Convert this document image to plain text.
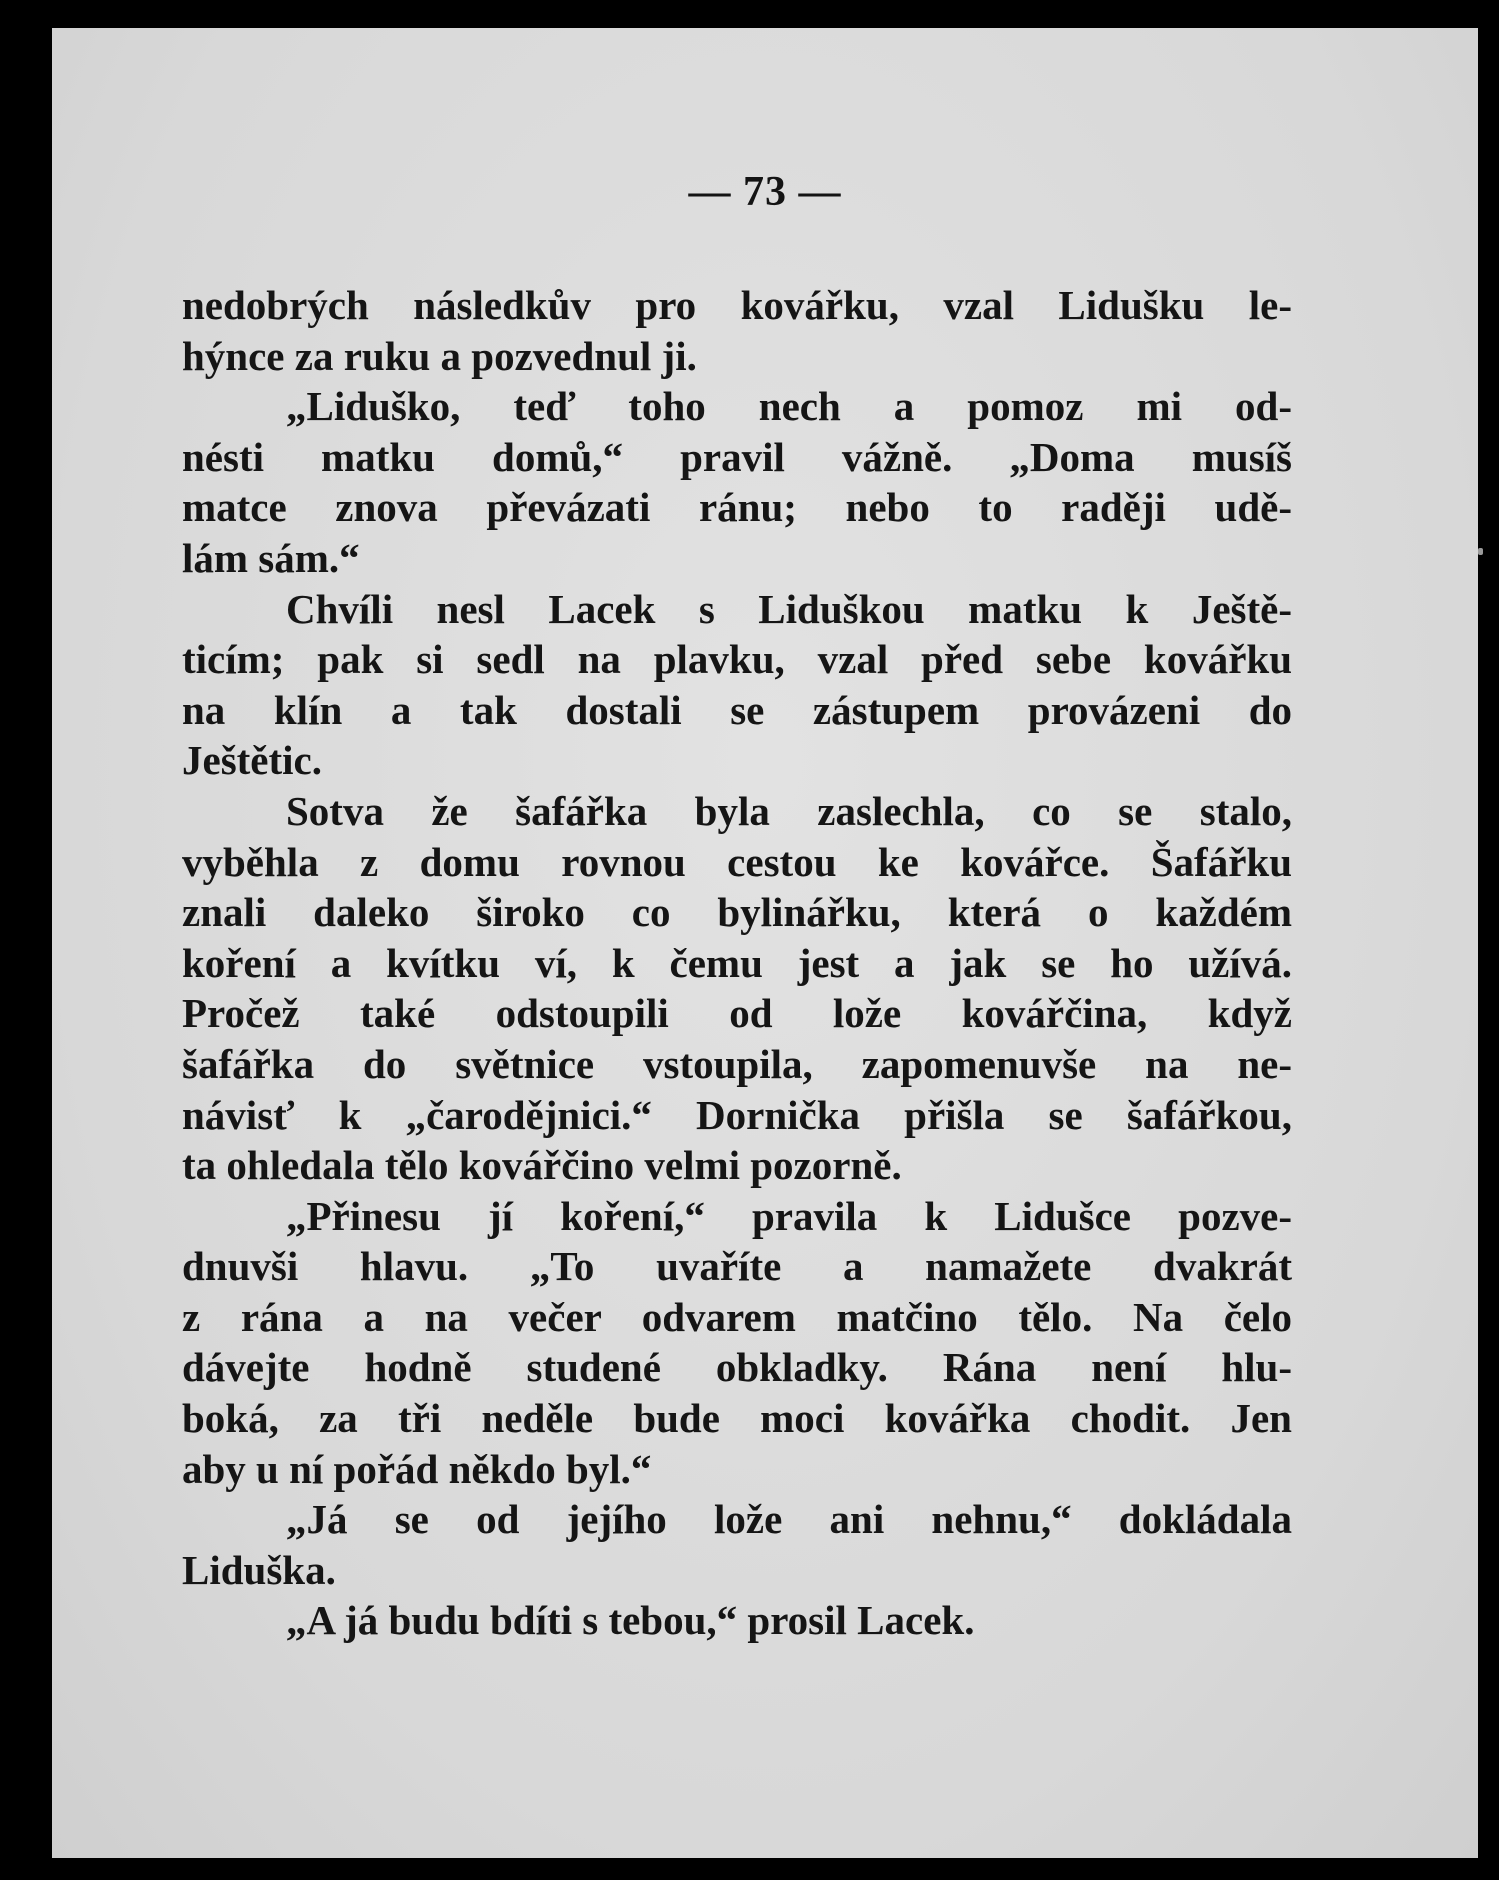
— 73 —
nedobrých následkův pro kovářku, vzal Lidušku le-
hýnce za ruku a pozvednul ji.
„Liduško, teď toho nech a pomoz mi od-
nésti matku domů,“ pravil vážně. „Doma musíš
matce znova převázati ránu; nebo to raději udě-
lám sám.“
Chvíli nesl Lacek s Liduškou matku k Ještě-
ticím; pak si sedl na plavku, vzal před sebe kovářku
na klín a tak dostali se zástupem provázeni do
Ještětic.
Sotva že šafářka byla zaslechla, co se stalo,
vyběhla z domu rovnou cestou ke kovářce. Šafářku
znali daleko široko co bylinářku, která o každém
koření a kvítku ví, k čemu jest a jak se ho užívá.
Pročež také odstoupili od lože kovářčina, když
šafářka do světnice vstoupila, zapomenuvše na ne-
návisť k „čarodějnici.“ Dornička přišla se šafářkou,
ta ohledala tělo kovářčino velmi pozorně.
„Přinesu jí koření,“ pravila k Lidušce pozve-
dnuvši hlavu. „To uvaříte a namažete dvakrát
z rána a na večer odvarem matčino tělo. Na čelo
dávejte hodně studené obkladky. Rána není hlu-
boká, za tři neděle bude moci kovářka chodit. Jen
aby u ní pořád někdo byl.“
„Já se od jejího lože ani nehnu,“ dokládala
Liduška.
„A já budu bdíti s tebou,“ prosil Lacek.
